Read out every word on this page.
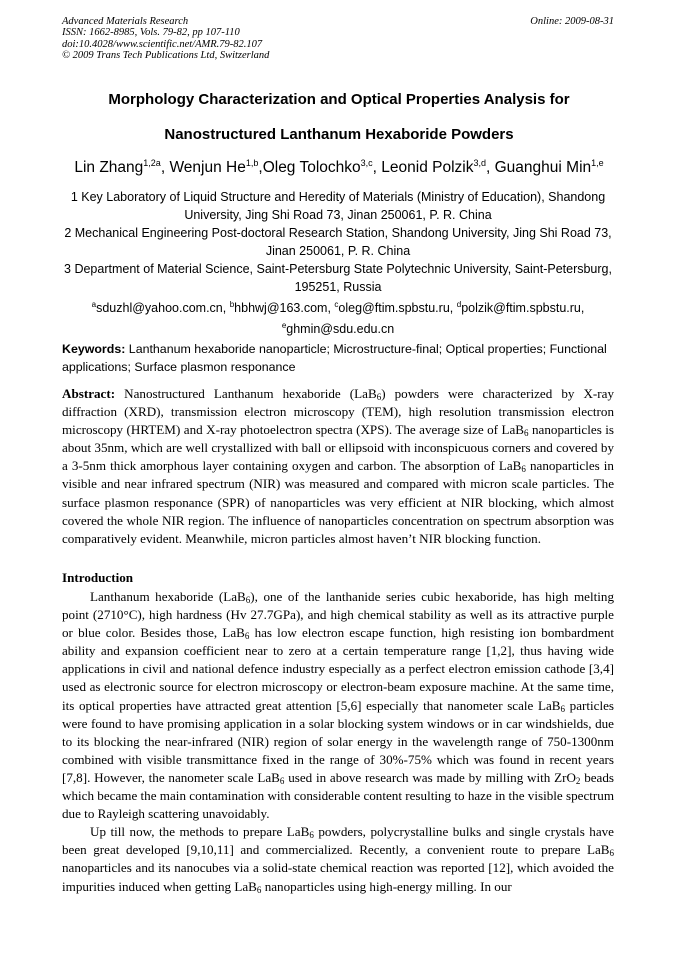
Advanced Materials Research
ISSN: 1662-8985, Vols. 79-82, pp 107-110
doi:10.4028/www.scientific.net/AMR.79-82.107
© 2009 Trans Tech Publications Ltd, Switzerland
Online: 2009-08-31
Morphology Characterization and Optical Properties Analysis for
Nanostructured Lanthanum Hexaboride Powders
Lin Zhang$^{1,2a}$, Wenjun He$^{1,b}$,Oleg Tolochko$^{3,c}$, Leonid Polzik$^{3,d}$, Guanghui Min$^{1,e}$
1 Key Laboratory of Liquid Structure and Heredity of Materials (Ministry of Education), Shandong University, Jing Shi Road 73, Jinan 250061, P. R. China
2 Mechanical Engineering Post-doctoral Research Station, Shandong University, Jing Shi Road 73, Jinan 250061, P. R. China
3 Department of Material Science, Saint-Petersburg State Polytechnic University, Saint-Petersburg, 195251, Russia
$^a$sduzhl@yahoo.com.cn, $^b$hbhwj@163.com, $^c$oleg@ftim.spbstu.ru, $^d$polzik@ftim.spbstu.ru,
$^e$ghmin@sdu.edu.cn
Keywords: Lanthanum hexaboride nanoparticle; Microstructure-final; Optical properties; Functional applications; Surface plasmon responance
Abstract: Nanostructured Lanthanum hexaboride (LaB$_6$) powders were characterized by X-ray diffraction (XRD), transmission electron microscopy (TEM), high resolution transmission electron microscopy (HRTEM) and X-ray photoelectron spectra (XPS). The average size of LaB$_6$ nanoparticles is about 35nm, which are well crystallized with ball or ellipsoid with inconspicuous corners and covered by a 3-5nm thick amorphous layer containing oxygen and carbon. The absorption of LaB$_6$ nanoparticles in visible and near infrared spectrum (NIR) was measured and compared with micron scale particles. The surface plasmon responance (SPR) of nanoparticles was very efficient at NIR blocking, which almost covered the whole NIR region. The influence of nanoparticles concentration on spectrum absorption was comparatively evident. Meanwhile, micron particles almost haven’t NIR blocking function.
Introduction

Lanthanum hexaboride (LaB$_6$), one of the lanthanide series cubic hexaboride, has high melting point (2710°C), high hardness (Hv 27.7GPa), and high chemical stability as well as its attractive purple or blue color. Besides those, LaB$_6$ has low electron escape function, high resisting ion bombardment ability and expansion coefficient near to zero at a certain temperature range [1,2], thus having wide applications in civil and national defence industry especially as a perfect electron emission cathode [3,4] used as electronic source for electron microscopy or electron-beam exposure machine. At the same time, its optical properties have attracted great attention [5,6] especially that nanometer scale LaB$_6$ particles were found to have promising application in a solar blocking system windows or in car windshields, due to its blocking the near-infrared (NIR) region of solar energy in the wavelength range of 750-1300nm combined with visible transmittance fixed in the range of 30%-75% which was found in recent years [7,8]. However, the nanometer scale LaB$_6$ used in above research was made by milling with ZrO$_2$ beads which became the main contamination with considerable content resulting to haze in the visible spectrum due to Rayleigh scattering unavoidably.

Up till now, the methods to prepare LaB$_6$ powders, polycrystalline bulks and single crystals have been great developed [9,10,11] and commercialized. Recently, a convenient route to prepare LaB$_6$ nanoparticles and its nanocubes via a solid-state chemical reaction was reported [12], which avoided the impurities induced when getting LaB$_6$ nanoparticles using high-energy milling. In our
